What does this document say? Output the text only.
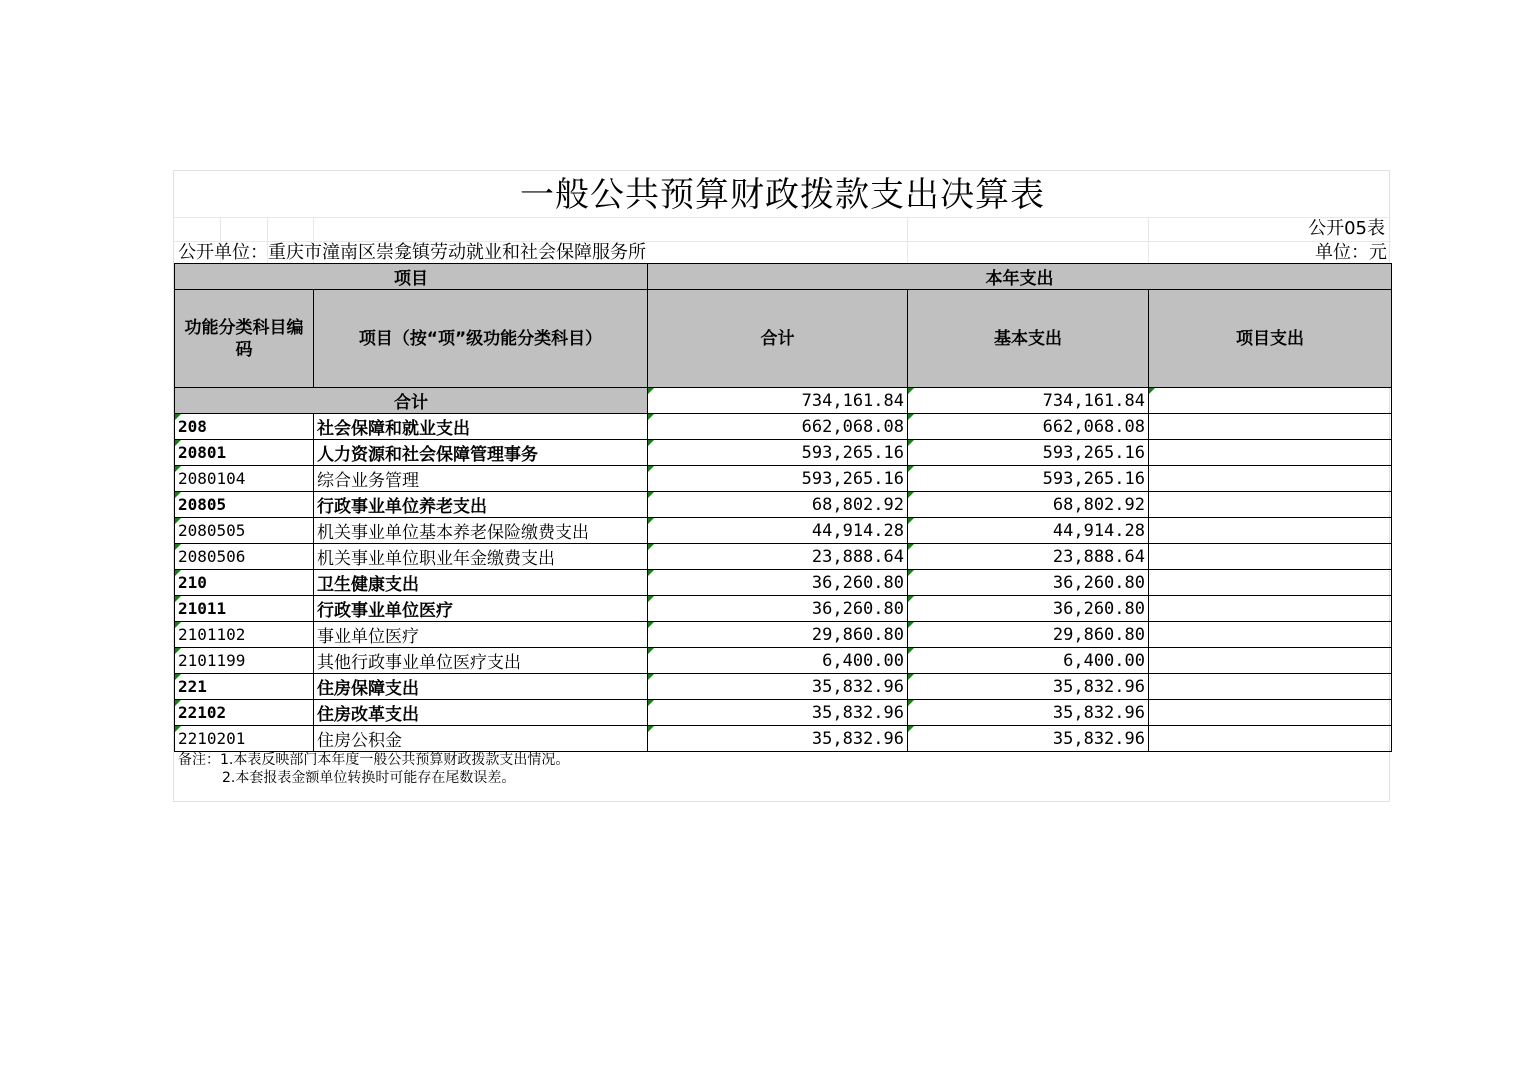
一般公共预算财政拨款支出决算表
公开05表
公开单位：重庆市潼南区崇龛镇劳动就业和社会保障服务所	单位：元
项目		本年支出		
功能分类科目编码	项目（按“项”级功能分类科目）	合计	基本支出	项目支出
合计		734,161.84	734,161.84	
208	社会保障和就业支出	662,068.08	662,068.08	
20801	人力资源和社会保障管理事务	593,265.16	593,265.16	
2080104	综合业务管理	593,265.16	593,265.16	
20805	行政事业单位养老支出	68,802.92	68,802.92	
2080505	机关事业单位基本养老保险缴费支出	44,914.28	44,914.28	
2080506	机关事业单位职业年金缴费支出	23,888.64	23,888.64	
210	卫生健康支出	36,260.80	36,260.80	
21011	行政事业单位医疗	36,260.80	36,260.80	
2101102	事业单位医疗	29,860.80	29,860.80	
2101199	其他行政事业单位医疗支出	6,400.00	6,400.00	
221	住房保障支出	35,832.96	35,832.96	
22102	住房改革支出	35,832.96	35,832.96	
2210201	住房公积金	35,832.96	35,832.96	
备注：1.本表反映部门本年度一般公共预算财政拨款支出情况。
2.本套报表金额单位转换时可能存在尾数误差。
